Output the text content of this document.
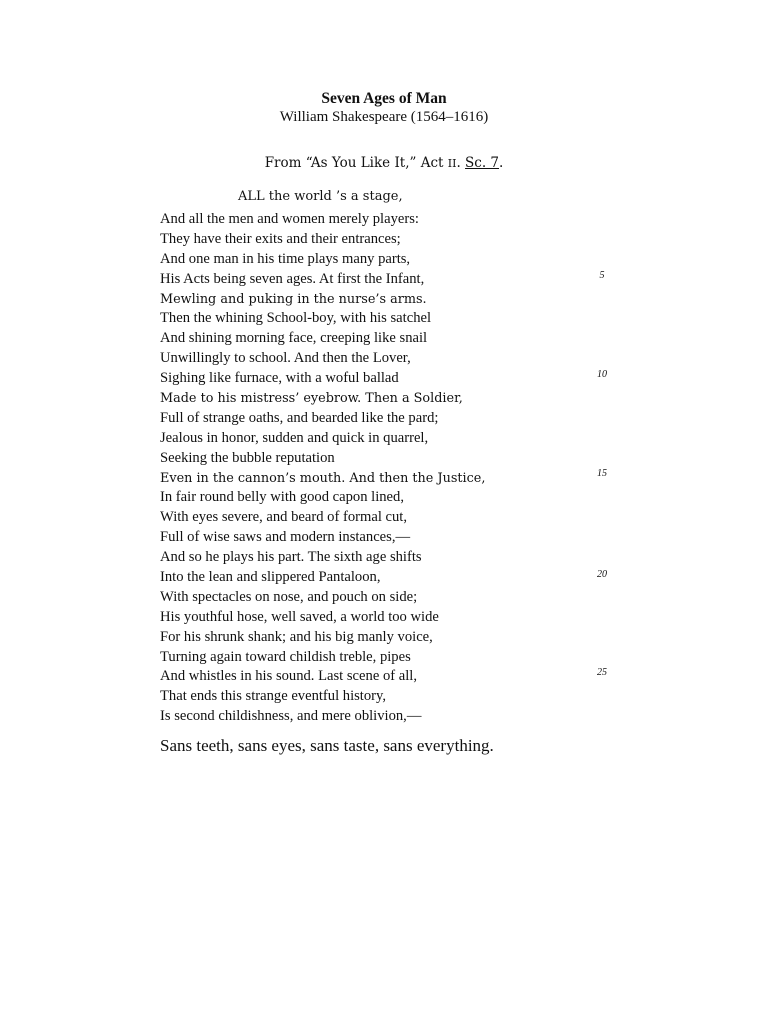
Seven Ages of Man
William Shakespeare (1564–1616)
From “As You Like It,” Act II. Sc. 7.
ALL the world ’s a stage,
And all the men and women merely players:
They have their exits and their entrances;
And one man in his time plays many parts,
His Acts being seven ages. At first the Infant,
Mewling and puking in the nurse’s arms.
Then the whining School-boy, with his satchel
And shining morning face, creeping like snail
Unwillingly to school. And then the Lover,
Sighing like furnace, with a woful ballad
Made to his mistress’ eyebrow. Then a Soldier,
Full of strange oaths, and bearded like the pard;
Jealous in honor, sudden and quick in quarrel,
Seeking the bubble reputation
Even in the cannon’s mouth. And then the Justice,
In fair round belly with good capon lined,
With eyes severe, and beard of formal cut,
Full of wise saws and modern instances,—
And so he plays his part. The sixth age shifts
Into the lean and slippered Pantaloon,
With spectacles on nose, and pouch on side;
His youthful hose, well saved, a world too wide
For his shrunk shank; and his big manly voice,
Turning again toward childish treble, pipes
And whistles in his sound. Last scene of all,
That ends this strange eventful history,
Is second childishness, and mere oblivion,—
Sans teeth, sans eyes, sans taste, sans everything.
5
10
15
20
25
